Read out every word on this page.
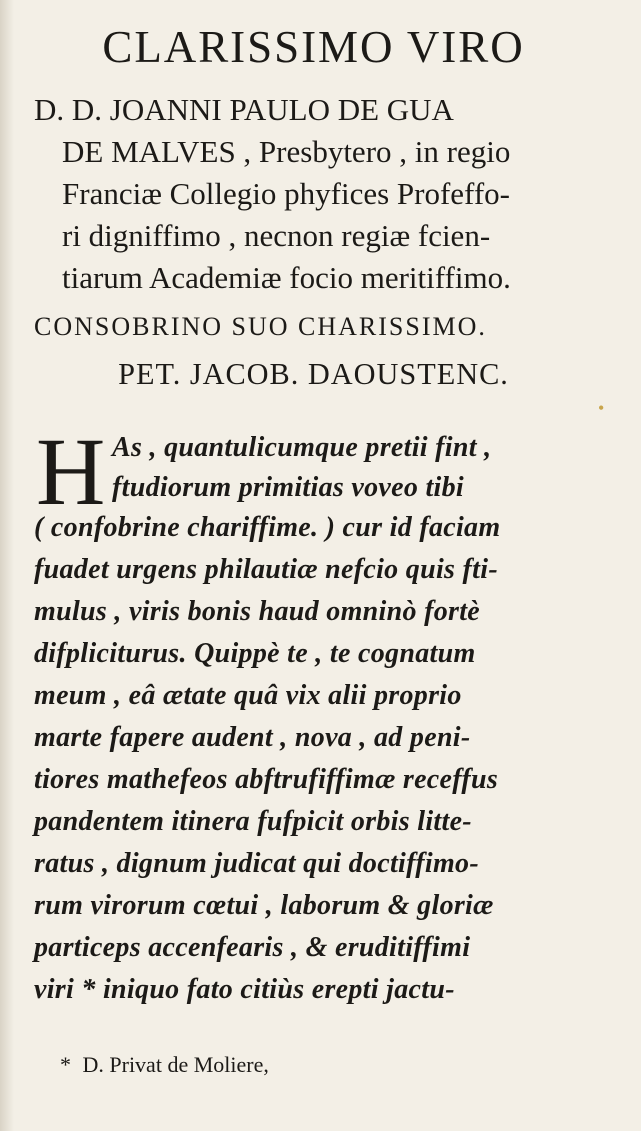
CLARISSIMO VIRO
D. D. JOANNI PAULO DE GUA
DE MALVES , Presbytero , in regio
Franciæ Collegio phyfices Profeffo-
ri digniffimo , necnon regiæ fcien-
tiarum Academiæ focio meritiffimo.
CONSOBRINO SUO CHARISSIMO.
PET. JACOB. DAOUSTENC.
•
H As , quantulicumque pretii fint ,
ftudiorum primitias voveo tibi
( confobrine chariffime. ) cur id faciam
fuadet urgens philautiæ nefcio quis fti-
mulus , viris bonis haud omninò fortè
difpliciturus. Quippè te , te cognatum
meum , eâ ætate quâ vix alii proprio
marte fapere audent , nova , ad peni-
tiores mathefeos abftrufiffimæ receffus
pandentem itinera fufpicit orbis litte-
ratus , dignum judicat qui doctiffimo-
rum virorum cœtui , laborum & gloriæ
particeps accenfearis , & eruditiffimi
viri * iniquo fato citiùs erepti jactu-
* D. Privat de Moliere,
